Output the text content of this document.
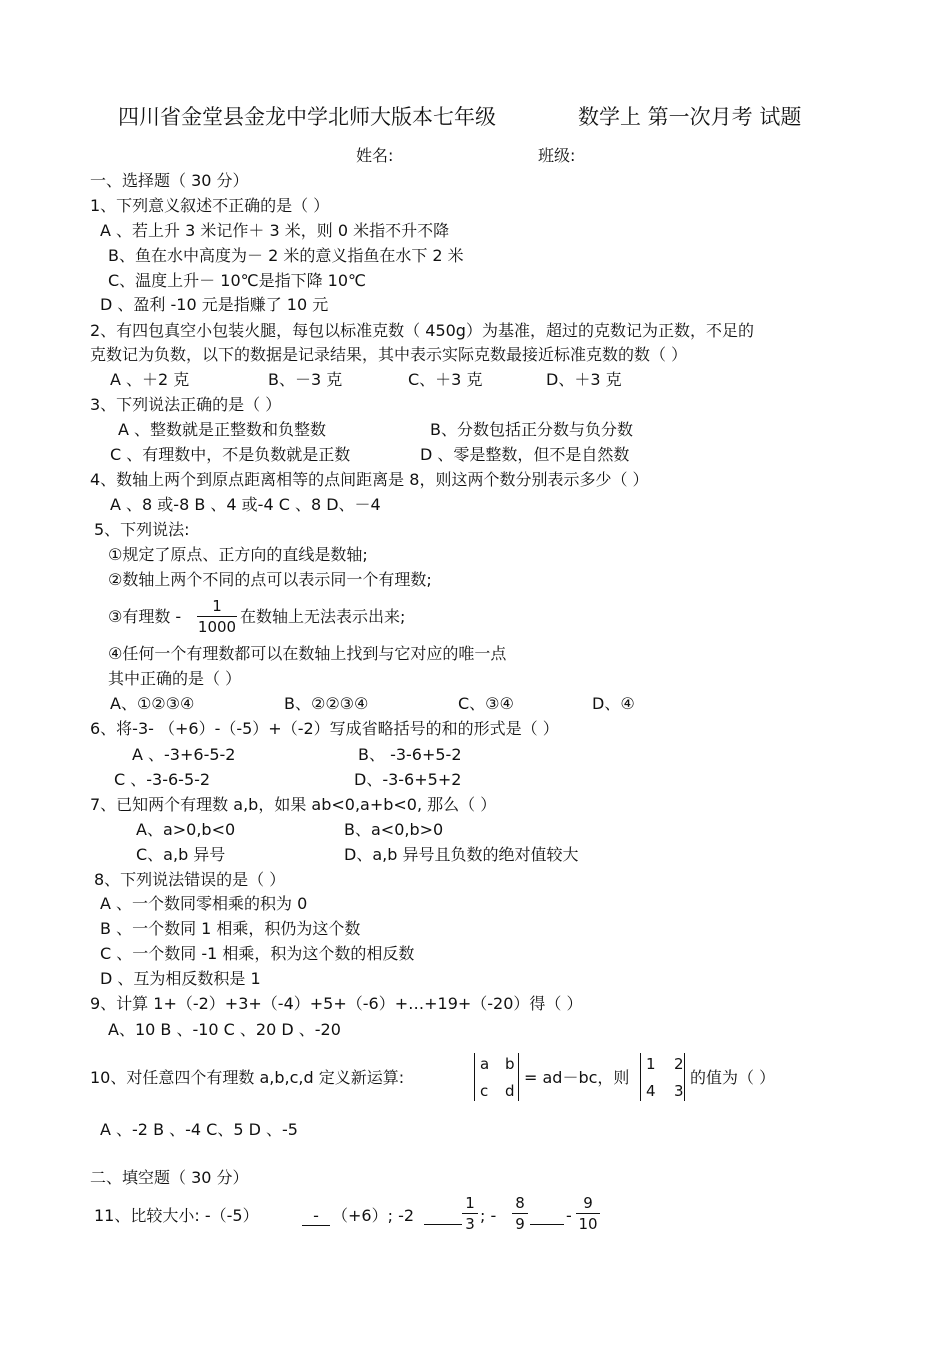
四川省金堂县金龙中学北师大版本七年级	数学上 第一次月考 试题
姓名:	班级:
一、选择题（ 30 分）
1、下列意义叙述不正确的是（ ）
A 、若上升 3 米记作＋ 3 米，则 0 米指不升不降
B、鱼在水中高度为－ 2 米的意义指鱼在水下 2 米
C、温度上升－ 10℃是指下降 10℃
D 、盈利 -10 元是指赚了 10 元
2、有四包真空小包装火腿，每包以标准克数（ 450g）为基准，超过的克数记为正数，不足的
克数记为负数，以下的数据是记录结果，其中表示实际克数最接近标准克数的数（ ）
A 、＋2 克	B、－3 克	C、＋3 克	D、＋3 克
3、下列说法正确的是（ ）
A 、整数就是正整数和负整数	B、分数包括正分数与负分数
C 、有理数中，不是负数就是正数	D 、零是整数，但不是自然数
4、数轴上两个到原点距离相等的点间距离是 8，则这两个数分别表示多少（ ）
A 、8 或-8 B 、4 或-4 C 、8 D、－4
5、下列说法:
①规定了原点、正方向的直线是数轴;
②数轴上两个不同的点可以表示同一个有理数;
③有理数 -
1
1000
在数轴上无法表示出来;
④任何一个有理数都可以在数轴上找到与它对应的唯一点
其中正确的是（ ）
A、①②③④	B、②②③④	C、③④	D、④
6、将-3- （+6）-（-5）+（-2）写成省略括号的和的形式是（ ）
A 、-3+6-5-2	B、 -3-6+5-2
C 、-3-6-5-2	D、-3-6+5+2
7、已知两个有理数 a,b，如果 ab<0,a+b<0, 那么（ ）
A、a>0,b<0	B、a<0,b>0
C、a,b 异号	D、a,b 异号且负数的绝对值较大
8、下列说法错误的是（ ）
A 、一个数同零相乘的积为 0
B 、一个数同 1 相乘，积仍为这个数
C 、一个数同 -1 相乘，积为这个数的相反数
D 、互为相反数积是 1
9、计算 1+（-2）+3+（-4）+5+（-6）+…+19+（-20）得（ ）
A、10 B 、-10 C 、20 D 、-20
10、对任意四个有理数 a,b,c,d 定义新运算:
a b
c d
= ad－bc，则
1 2
4 3
的值为（ ）
A 、-2 B 、-4 C、5 D 、-5
二、填空题（ 30 分）
11、比较大小: -（-5）	- （+6）; -2
1
3 ; -
8
9	-
9
10
